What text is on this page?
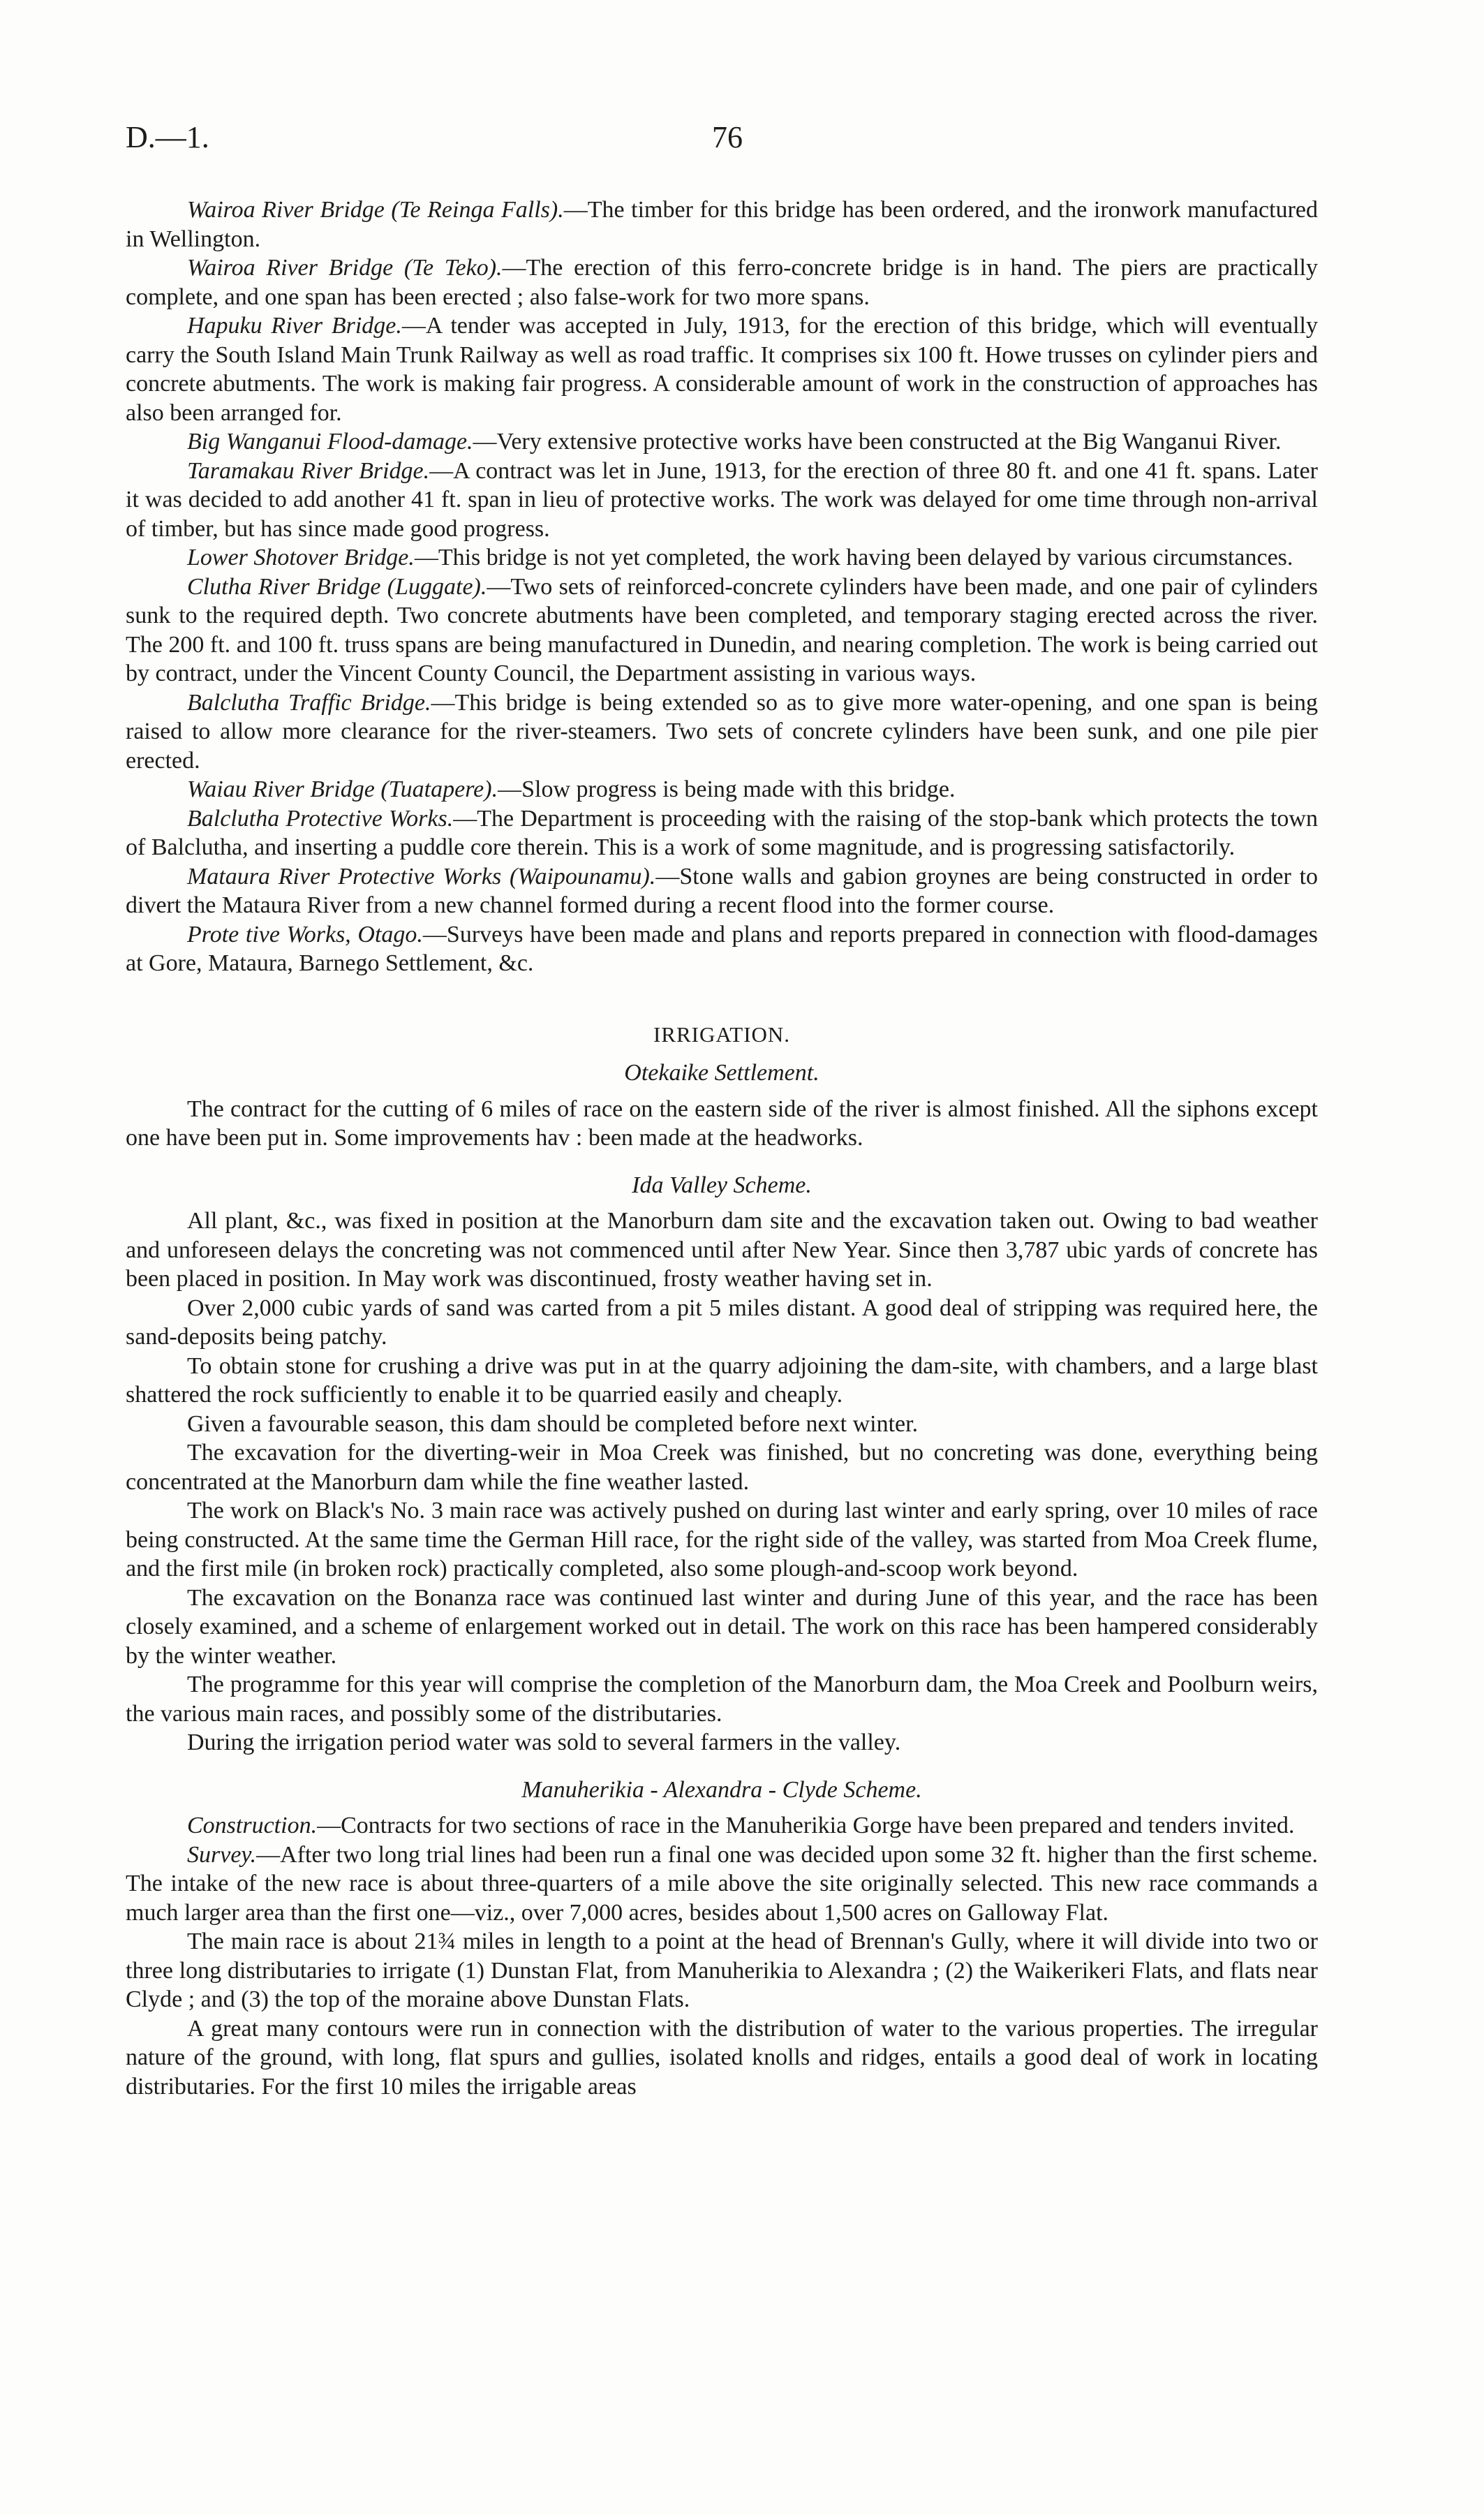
D.—1.	76

Wairoa River Bridge (Te Reinga Falls).—The timber for this bridge has been ordered, and the ironwork manufactured in Wellington.

Wairoa River Bridge (Te Teko).—The erection of this ferro-concrete bridge is in hand. The piers are practically complete, and one span has been erected ; also false-work for two more spans.

Hapuku River Bridge.—A tender was accepted in July, 1913, for the erection of this bridge, which will eventually carry the South Island Main Trunk Railway as well as road traffic. It comprises six 100 ft. Howe trusses on cylinder piers and concrete abutments. The work is making fair progress. A considerable amount of work in the construction of approaches has also been arranged for.

Big Wanganui Flood-damage.—Very extensive protective works have been constructed at the Big Wanganui River.

Taramakau River Bridge.—A contract was let in June, 1913, for the erection of three 80 ft. and one 41 ft. spans. Later it was decided to add another 41 ft. span in lieu of protective works. The work was delayed for ome time through non-arrival of timber, but has since made good progress.

Lower Shotover Bridge.—This bridge is not yet completed, the work having been delayed by various circumstances.

Clutha River Bridge (Luggate).—Two sets of reinforced-concrete cylinders have been made, and one pair of cylinders sunk to the required depth. Two concrete abutments have been completed, and temporary staging erected across the river. The 200 ft. and 100 ft. truss spans are being manufactured in Dunedin, and nearing completion. The work is being carried out by contract, under the Vincent County Council, the Department assisting in various ways.

Balclutha Traffic Bridge.—This bridge is being extended so as to give more water-opening, and one span is being raised to allow more clearance for the river-steamers. Two sets of concrete cylinders have been sunk, and one pile pier erected.

Waiau River Bridge (Tuatapere).—Slow progress is being made with this bridge.

Balclutha Protective Works.—The Department is proceeding with the raising of the stop-bank which protects the town of Balclutha, and inserting a puddle core therein. This is a work of some magnitude, and is progressing satisfactorily.

Mataura River Protective Works (Waipounamu).—Stone walls and gabion groynes are being constructed in order to divert the Mataura River from a new channel formed during a recent flood into the former course.

Prote tive Works, Otago.—Surveys have been made and plans and reports prepared in connection with flood-damages at Gore, Mataura, Barnego Settlement, &c.

IRRIGATION.

Otekaike Settlement.

The contract for the cutting of 6 miles of race on the eastern side of the river is almost finished. All the siphons except one have been put in. Some improvements hav : been made at the headworks.

Ida Valley Scheme.

All plant, &c., was fixed in position at the Manorburn dam site and the excavation taken out. Owing to bad weather and unforeseen delays the concreting was not commenced until after New Year. Since then 3,787 ubic yards of concrete has been placed in position. In May work was discontinued, frosty weather having set in.

Over 2,000 cubic yards of sand was carted from a pit 5 miles distant. A good deal of stripping was required here, the sand-deposits being patchy.

To obtain stone for crushing a drive was put in at the quarry adjoining the dam-site, with chambers, and a large blast shattered the rock sufficiently to enable it to be quarried easily and cheaply.

Given a favourable season, this dam should be completed before next winter.

The excavation for the diverting-weir in Moa Creek was finished, but no concreting was done, everything being concentrated at the Manorburn dam while the fine weather lasted.

The work on Black's No. 3 main race was actively pushed on during last winter and early spring, over 10 miles of race being constructed. At the same time the German Hill race, for the right side of the valley, was started from Moa Creek flume, and the first mile (in broken rock) practically completed, also some plough-and-scoop work beyond.

The excavation on the Bonanza race was continued last winter and during June of this year, and the race has been closely examined, and a scheme of enlargement worked out in detail. The work on this race has been hampered considerably by the winter weather.

The programme for this year will comprise the completion of the Manorburn dam, the Moa Creek and Poolburn weirs, the various main races, and possibly some of the distributaries.

During the irrigation period water was sold to several farmers in the valley.

Manuherikia - Alexandra - Clyde Scheme.

Construction.—Contracts for two sections of race in the Manuherikia Gorge have been prepared and tenders invited.

Survey.—After two long trial lines had been run a final one was decided upon some 32 ft. higher than the first scheme. The intake of the new race is about three-quarters of a mile above the site originally selected. This new race commands a much larger area than the first one—viz., over 7,000 acres, besides about 1,500 acres on Galloway Flat.

The main race is about 21¾ miles in length to a point at the head of Brennan's Gully, where it will divide into two or three long distributaries to irrigate (1) Dunstan Flat, from Manuherikia to Alexandra ; (2) the Waikerikeri Flats, and flats near Clyde ; and (3) the top of the moraine above Dunstan Flats.

A great many contours were run in connection with the distribution of water to the various properties. The irregular nature of the ground, with long, flat spurs and gullies, isolated knolls and ridges, entails a good deal of work in locating distributaries. For the first 10 miles the irrigable areas
